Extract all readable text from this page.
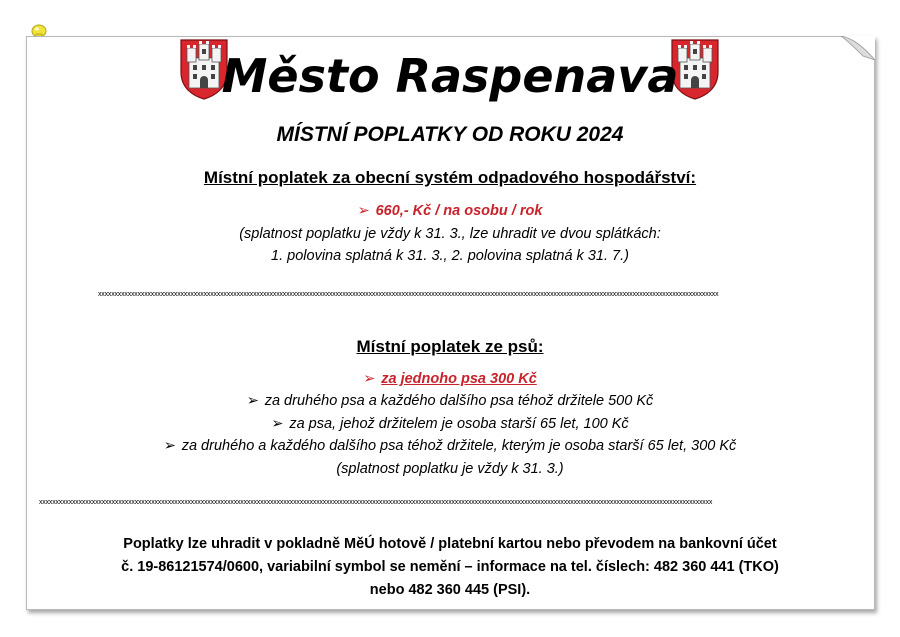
Město Raspenava
MÍSTNÍ POPLATKY OD ROKU 2024
Místní poplatek za obecní systém odpadového hospodářství:
➢ 660,- Kč / na osobu / rok
(splatnost poplatku je vždy k 31. 3., lze uhradit ve dvou splátkách:
1. polovina splatná k 31. 3., 2. polovina splatná k 31. 7.)
xxxxxxxxxxxxxxxxxxxxxxxxxxxxxxxxxxxxxxxxxxxxxxxxxxxxxxxxxxxxxxxxxxxxxxxxxxxxxxxxxxxxxxxxxxxxxxxxxxxxxxxxxxxxxxxxxxxxxxxxxxxxxxxxxxxxxxxxxxxxxxxxxxxxxxxxxxxxxxxxxxxxxxxxxxxxxxxxxxxxxxxxxxxx
Místní poplatek ze psů:
➢ za jednoho psa 300 Kč
➢ za druhého psa a každého dalšího psa téhož držitele 500 Kč
➢ za psa, jehož držitelem je osoba starší 65 let, 100 Kč
➢ za druhého a každého dalšího psa téhož držitele, kterým je osoba starší 65 let, 300 Kč
(splatnost poplatku je vždy k 31. 3.)
xxxxxxxxxxxxxxxxxxxxxxxxxxxxxxxxxxxxxxxxxxxxxxxxxxxxxxxxxxxxxxxxxxxxxxxxxxxxxxxxxxxxxxxxxxxxxxxxxxxxxxxxxxxxxxxxxxxxxxxxxxxxxxxxxxxxxxxxxxxxxxxxxxxxxxxxxxxxxxxxxxxxxxxxxxxxxxxxxxxxxxxxxxxxxxxxxxxxxxxxxxxx
Poplatky lze uhradit v pokladně MěÚ hotově / platební kartou nebo převodem na bankovní účet
č. 19-86121574/0600, variabilní symbol se nemění – informace na tel. číslech: 482 360 441 (TKO)
nebo 482 360 445 (PSI).
